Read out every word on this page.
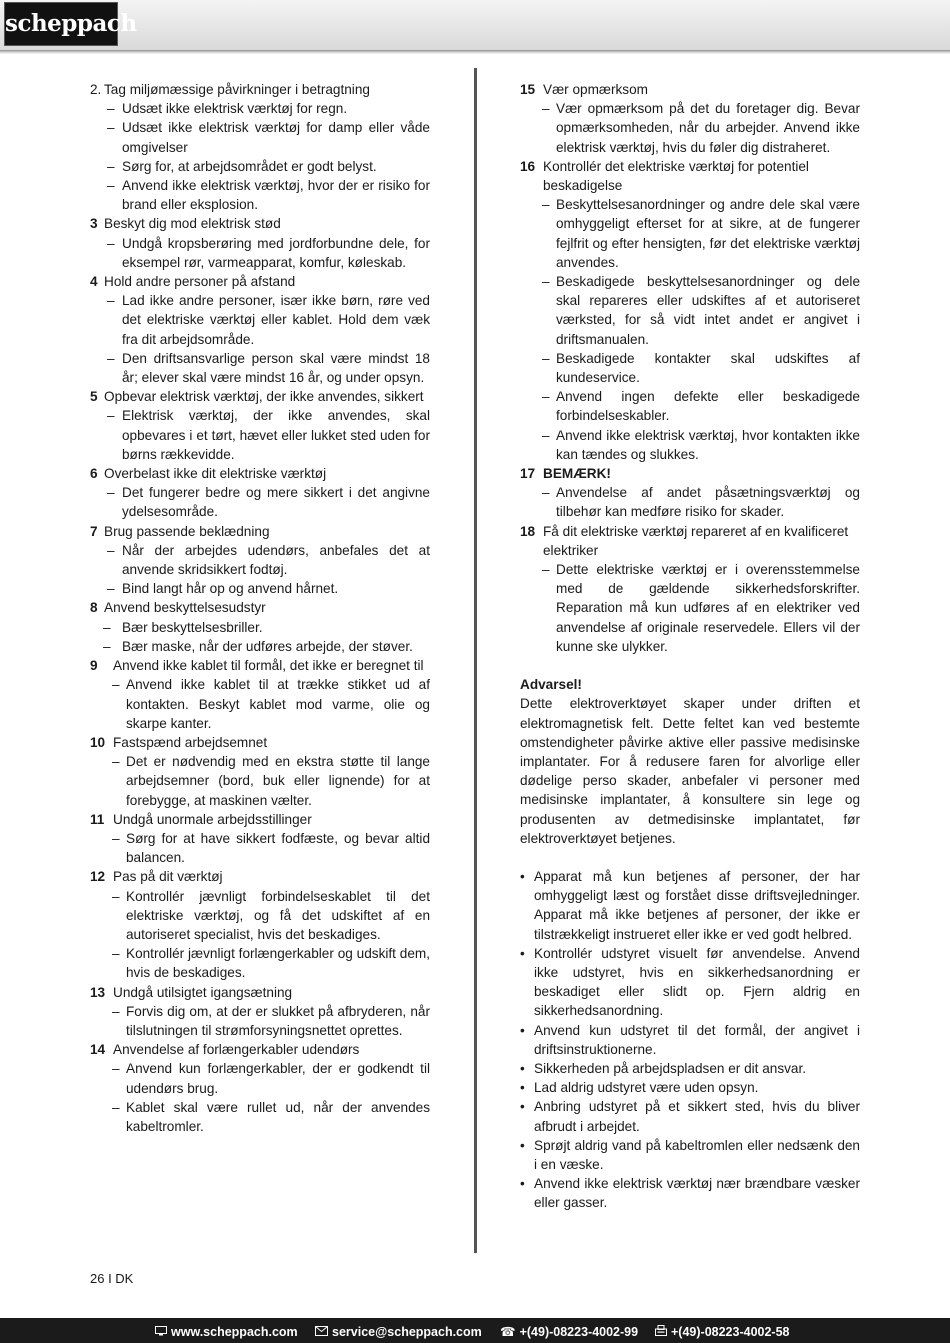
scheppach
2. Tag miljømæssige påvirkninger i betragtning

– Udsæt ikke elektrisk værktøj for regn.

– Udsæt ikke elektrisk værktøj for damp eller våde omgivelser

– Sørg for, at arbejdsområdet er godt belyst.

– Anvend ikke elektrisk værktøj, hvor der er risiko for brand eller eksplosion.

3 Beskyt dig mod elektrisk stød

– Undgå kropsberøring med jordforbundne dele, for eksempel rør, varmeapparat, komfur, køleskab.

4 Hold andre personer på afstand

– Lad ikke andre personer, især ikke børn, røre ved det elektriske værktøj eller kablet. Hold dem væk fra dit arbejdsområde.

– Den driftsansvarlige person skal være mindst 18 år; elever skal være mindst 16 år, og under opsyn.

5 Opbevar elektrisk værktøj, der ikke anvendes, sikkert

– Elektrisk værktøj, der ikke anvendes, skal opbevares i et tørt, hævet eller lukket sted uden for børns rækkevidde.

6 Overbelast ikke dit elektriske værktøj

– Det fungerer bedre og mere sikkert i det angivne ydelsesområde.

7 Brug passende beklædning

– Når der arbejdes udendørs, anbefales det at anvende skridsikkert fodtøj.

– Bind langt hår op og anvend hårnet.

8 Anvend beskyttelsesudstyr

– Bær beskyttelsesbriller.

– Bær maske, når der udføres arbejde, der støver.

9 Anvend ikke kablet til formål, det ikke er beregnet til

– Anvend ikke kablet til at trække stikket ud af kontakten. Beskyt kablet mod varme, olie og skarpe kanter.

10 Fastspænd arbejdsemnet

– Det er nødvendig med en ekstra støtte til lange arbejdsemner (bord, buk eller lignende) for at forebygge, at maskinen vælter.

11 Undgå unormale arbejdsstillinger

– Sørg for at have sikkert fodfæste, og bevar altid balancen.

12 Pas på dit værktøj

– Kontrollér jævnligt forbindelseskablet til det elektriske værktøj, og få det udskiftet af en autoriseret specialist, hvis det beskadiges.

– Kontrollér jævnligt forlængerkabler og udskift dem, hvis de beskadiges.

13 Undgå utilsigtet igangsætning

– Forvis dig om, at der er slukket på afbryderen, når tilslutningen til strømforsyningsnettet oprettes.

14 Anvendelse af forlængerkabler udendørs

– Anvend kun forlængerkabler, der er godkendt til udendørs brug.

– Kablet skal være rullet ud, når der anvendes kabeltromler.

15 Vær opmærksom

– Vær opmærksom på det du foretager dig. Bevar opmærksomheden, når du arbejder. Anvend ikke elektrisk værktøj, hvis du føler dig distraheret.

16 Kontrollér det elektriske værktøj for potentiel beskadigelse

– Beskyttelsesanordninger og andre dele skal være omhyggeligt efterset for at sikre, at de fungerer fejlfrit og efter hensigten, før det elektriske værktøj anvendes.

– Beskadigede beskyttelsesanordninger og dele skal repareres eller udskiftes af et autoriseret værksted, for så vidt intet andet er angivet i driftsmanualen.

– Beskadigede kontakter skal udskiftes af kundeservice.

– Anvend ingen defekte eller beskadigede forbindelseskabler.

– Anvend ikke elektrisk værktøj, hvor kontakten ikke kan tændes og slukkes.

17 BEMÆRK!

– Anvendelse af andet påsætningsværktøj og tilbehør kan medføre risiko for skader.

18 Få dit elektriske værktøj repareret af en kvalificeret elektriker

– Dette elektriske værktøj er i overensstemmelse med de gældende sikkerhedsforskrifter. Reparation må kun udføres af en elektriker ved anvendelse af originale reservedele. Ellers vil der kunne ske ulykker.

Advarsel!

Dette elektroverktøyet skaper under driften et elektromagnetisk felt. Dette feltet kan ved bestemte omstendigheter påvirke aktive eller passive medisinske implantater. For å redusere faren for alvorlige eller dødelige perso skader, anbefaler vi personer med medisinske implantater, å konsultere sin lege og produsenten av detmedisinske implantatet, før elektroverktøyet betjenes.

• Apparat må kun betjenes af personer, der har omhyggeligt læst og forstået disse driftsvejledninger. Apparat må ikke betjenes af personer, der ikke er tilstrækkeligt instrueret eller ikke er ved godt helbred.

• Kontrollér udstyret visuelt før anvendelse. Anvend ikke udstyret, hvis en sikkerhedsanordning er beskadiget eller slidt op. Fjern aldrig en sikkerhedsanordning.

• Anvend kun udstyret til det formål, der angivet i driftsinstruktionerne.

• Sikkerheden på arbejdspladsen er dit ansvar.

• Lad aldrig udstyret være uden opsyn.

• Anbring udstyret på et sikkert sted, hvis du bliver afbrudt i arbejdet.

• Sprøjt aldrig vand på kabeltromlen eller nedsænk den i en væske.

• Anvend ikke elektrisk værktøj nær brændbare væsker eller gasser.

26 I DK
www.scheppach.com	service@scheppach.com ☎ +(49)-08223-4002-99	+(49)-08223-4002-58
